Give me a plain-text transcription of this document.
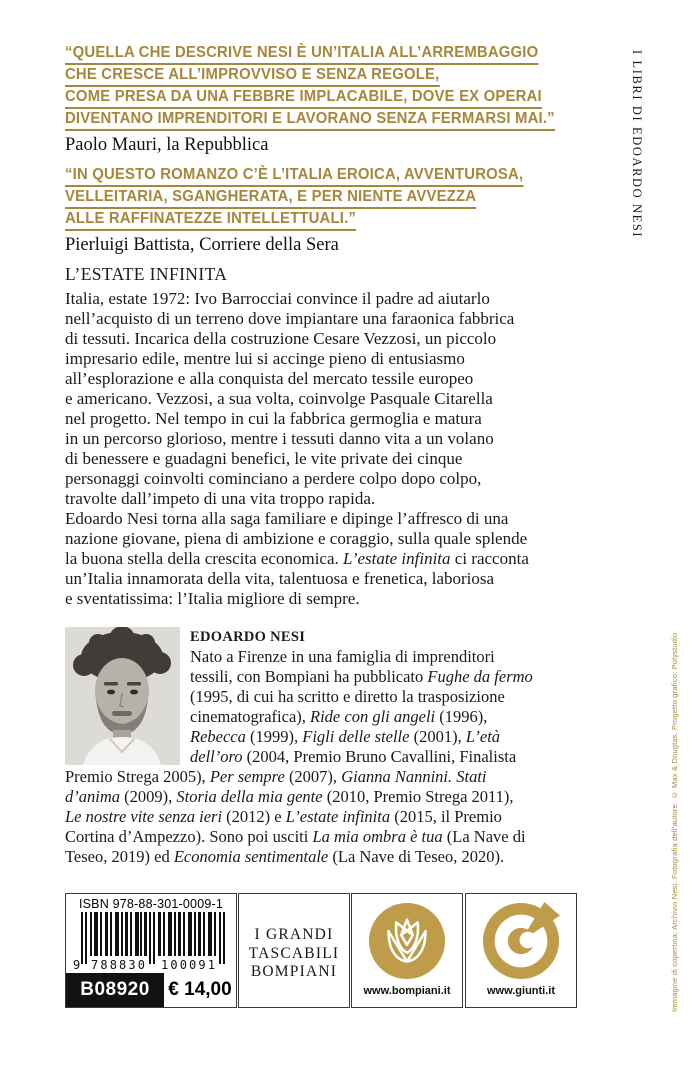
“QUELLA CHE DESCRIVE NESI È UN’ITALIA ALL’ARREMBAGGIO
CHE CRESCE ALL’IMPROVVISO E SENZA REGOLE,
COME PRESA DA UNA FEBBRE IMPLACABILE, DOVE EX OPERAI
DIVENTANO IMPRENDITORI E LAVORANO SENZA FERMARSI MAI.”
Paolo Mauri, la Repubblica
“IN QUESTO ROMANZO C’È L’ITALIA EROICA, AVVENTUROSA,
VELLEITARIA, SGANGHERATA, E PER NIENTE AVVEZZA
ALLE RAFFINATEZZE INTELLETTUALI.”
Pierluigi Battista, Corriere della Sera
L’ESTATE INFINITA
Italia, estate 1972: Ivo Barrocciai convince il padre ad aiutarlo
nell’acquisto di un terreno dove impiantare una faraonica fabbrica
di tessuti. Incarica della costruzione Cesare Vezzosi, un piccolo
impresario edile, mentre lui si accinge pieno di entusiasmo
all’esplorazione e alla conquista del mercato tessile europeo
e americano. Vezzosi, a sua volta, coinvolge Pasquale Citarella
nel progetto. Nel tempo in cui la fabbrica germoglia e matura
in un percorso glorioso, mentre i tessuti danno vita a un volano
di benessere e guadagni benefici, le vite private dei cinque
personaggi coinvolti cominciano a perdere colpo dopo colpo,
travolte dall’impeto di una vita troppo rapida.
Edoardo Nesi torna alla saga familiare e dipinge l’affresco di una
nazione giovane, piena di ambizione e coraggio, sulla quale splende
la buona stella della crescita economica. L’estate infinita ci racconta
un’Italia innamorata della vita, talentuosa e frenetica, laboriosa
e sventatissima: l’Italia migliore di sempre.
EDOARDO NESI
Nato a Firenze in una famiglia di imprenditori
tessili, con Bompiani ha pubblicato Fughe da fermo
(1995, di cui ha scritto e diretto la trasposizione
cinematografica), Ride con gli angeli (1996),
Rebecca (1999), Figli delle stelle (2001), L’età
dell’oro (2004, Premio Bruno Cavallini, Finalista
Premio Strega 2005), Per sempre (2007), Gianna Nannini. Stati
d’anima (2009), Storia della mia gente (2010, Premio Strega 2011),
Le nostre vite senza ieri (2012) e L’estate infinita (2015, il Premio
Cortina d’Ampezzo). Sono poi usciti La mia ombra è tua (La Nave di
Teseo, 2019) ed Economia sentimentale (La Nave di Teseo, 2020).
ISBN 978-88-301-0009-1
9 788830 100091
B08920 € 14,00
I GRANDI
TASCABILI
BOMPIANI
www.bompiani.it	www.giunti.it
I LIBRI DI EDOARDO NESI
Immagine di copertina: Archivio Nesi. Fotografia dell’autore: © Max & Douglas. Progetto grafico: Polystudio
